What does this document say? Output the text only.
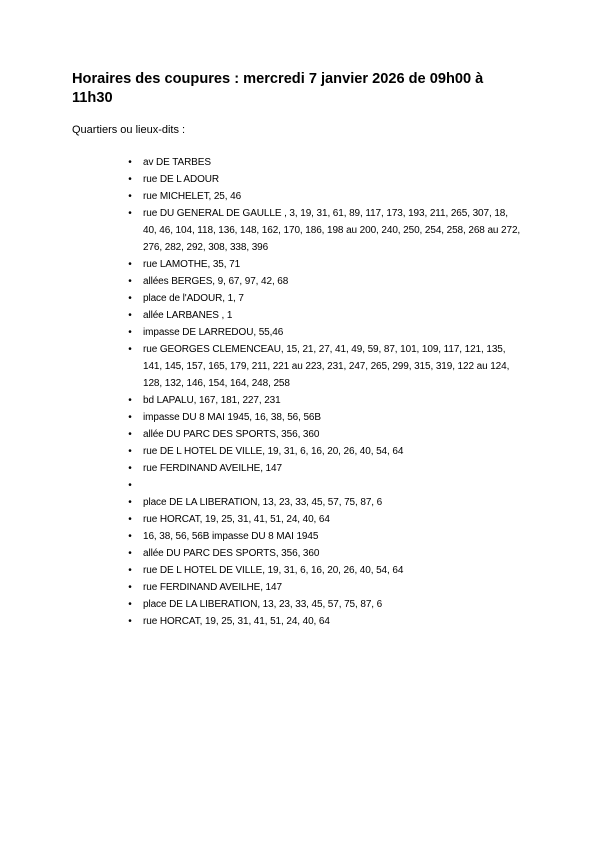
Horaires des coupures : mercredi 7 janvier 2026 de 09h00 à 11h30

Quartiers ou lieux-dits :

•	av DE TARBES
•	rue DE L ADOUR
•	rue MICHELET, 25, 46
•	rue DU GENERAL DE GAULLE , 3, 19, 31, 61, 89, 117, 173, 193, 211, 265, 307, 18, 40, 46, 104, 118, 136, 148, 162, 170, 186, 198 au 200, 240, 250, 254, 258, 268 au 272, 276, 282, 292, 308, 338, 396
•	rue LAMOTHE, 35, 71
•	allées BERGES, 9, 67, 97, 42, 68
•	place de l'ADOUR, 1, 7
•	allée LARBANES , 1
•	impasse DE LARREDOU, 55,46
•	rue GEORGES CLEMENCEAU, 15, 21, 27, 41, 49, 59, 87, 101, 109, 117, 121, 135, 141, 145, 157, 165, 179, 211, 221 au 223, 231, 247, 265, 299, 315, 319, 122 au 124, 128, 132, 146, 154, 164, 248, 258
•	bd LAPALU, 167, 181, 227, 231
•	impasse DU 8 MAI 1945, 16, 38, 56, 56B
•	allée DU PARC DES SPORTS, 356, 360
•	rue DE L HOTEL DE VILLE, 19, 31, 6, 16, 20, 26, 40, 54, 64
•	rue FERDINAND AVEILHE, 147
•

•	place DE LA LIBERATION, 13, 23, 33, 45, 57, 75, 87, 6
•	rue HORCAT, 19, 25, 31, 41, 51, 24, 40, 64
•	16, 38, 56, 56B impasse DU 8 MAI 1945
•	allée DU PARC DES SPORTS, 356, 360
•	rue DE L HOTEL DE VILLE, 19, 31, 6, 16, 20, 26, 40, 54, 64
•	rue FERDINAND AVEILHE, 147
•	place DE LA LIBERATION, 13, 23, 33, 45, 57, 75, 87, 6
•	rue HORCAT, 19, 25, 31, 41, 51, 24, 40, 64
